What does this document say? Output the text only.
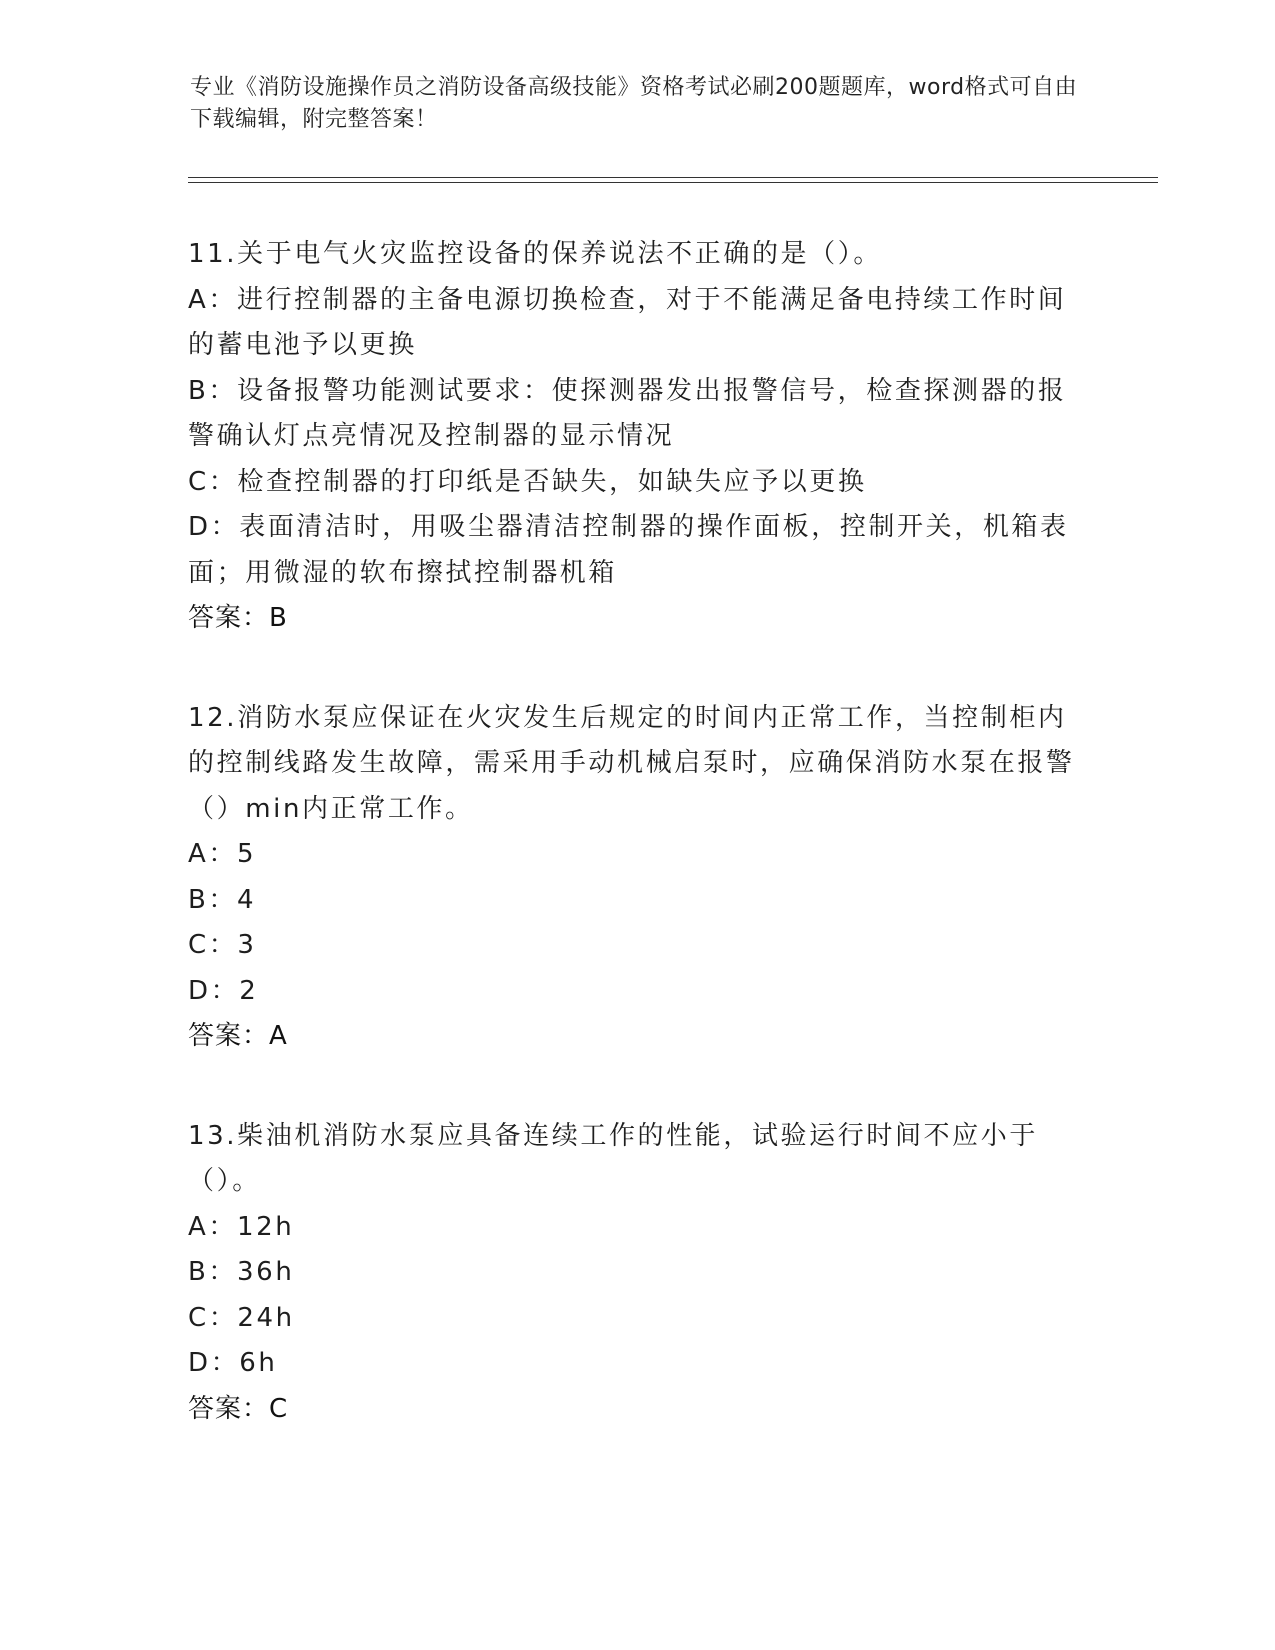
专业《消防设施操作员之消防设备高级技能》资格考试必刷200题题库，word格式可自由下载编辑，附完整答案！

11.关于电气火灾监控设备的保养说法不正确的是（）。

A：进行控制器的主备电源切换检查，对于不能满足备电持续工作时间的蓄电池予以更换

B：设备报警功能测试要求：使探测器发出报警信号，检查探测器的报警确认灯点亮情况及控制器的显示情况

C：检查控制器的打印纸是否缺失，如缺失应予以更换

D：表面清洁时，用吸尘器清洁控制器的操作面板，控制开关，机箱表面；用微湿的软布擦拭控制器机箱

答案：B

12.消防水泵应保证在火灾发生后规定的时间内正常工作，当控制柜内的控制线路发生故障，需采用手动机械启泵时，应确保消防水泵在报警（）min内正常工作。

A：5

B：4

C：3

D：2

答案：A

13.柴油机消防水泵应具备连续工作的性能，试验运行时间不应小于（）。

A：12h

B：36h

C：24h

D：6h

答案：C
